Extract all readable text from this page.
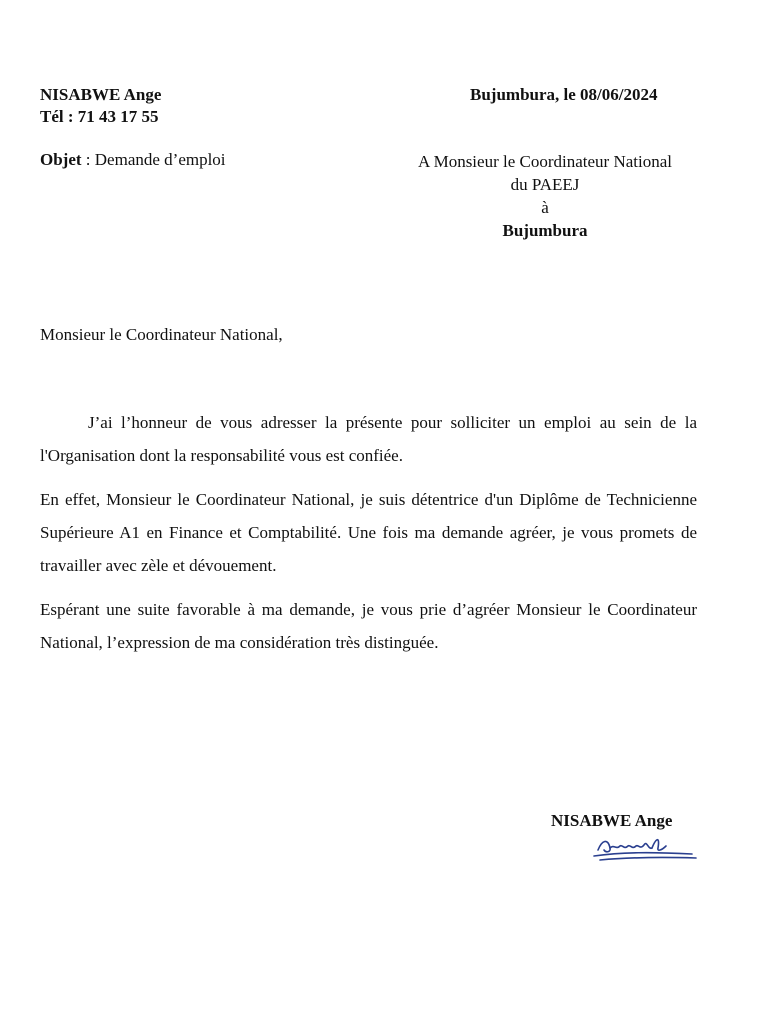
NISABWE Ange
Tél : 71 43 17 55
Bujumbura, le 08/06/2024
Objet : Demande d’emploi	A Monsieur le Coordinateur National
du PAEEJ
à
Bujumbura
Monsieur le Coordinateur National,
J’ai l’honneur de vous adresser la présente pour solliciter un emploi au sein de la l'Organisation dont la responsabilité vous est confiée.
En effet, Monsieur le Coordinateur National, je suis détentrice d'un Diplôme de Technicienne Supérieure A1 en Finance et Comptabilité. Une fois ma demande agréer, je vous promets de travailler avec zèle et dévouement.
Espérant une suite favorable à ma demande, je vous prie d’agréer Monsieur le Coordinateur National, l’expression de ma considération très distinguée.
NISABWE Ange
